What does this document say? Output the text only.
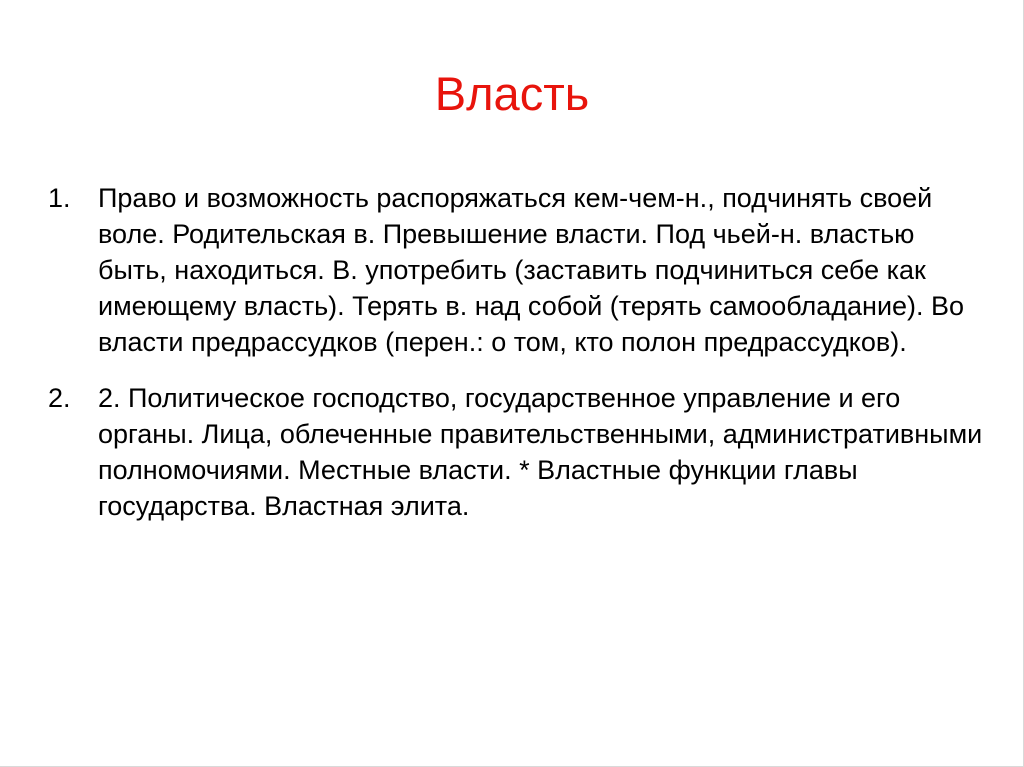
Власть
1. Право и возможность распоряжаться кем-чем-н., подчинять своей воле. Родительская в. Превышение власти. Под чьей-н. властью быть, находиться. В. употребить (заставить подчиниться себе как имеющему власть). Терять в. над собой (терять самообладание). Во власти предрассудков (перен.: о том, кто полон предрассудков).
2. 2. Политическое господство, государственное управление и его органы. Лица, облеченные правительственными, административными полномочиями. Местные власти. * Властные функции главы государства. Властная элита.
